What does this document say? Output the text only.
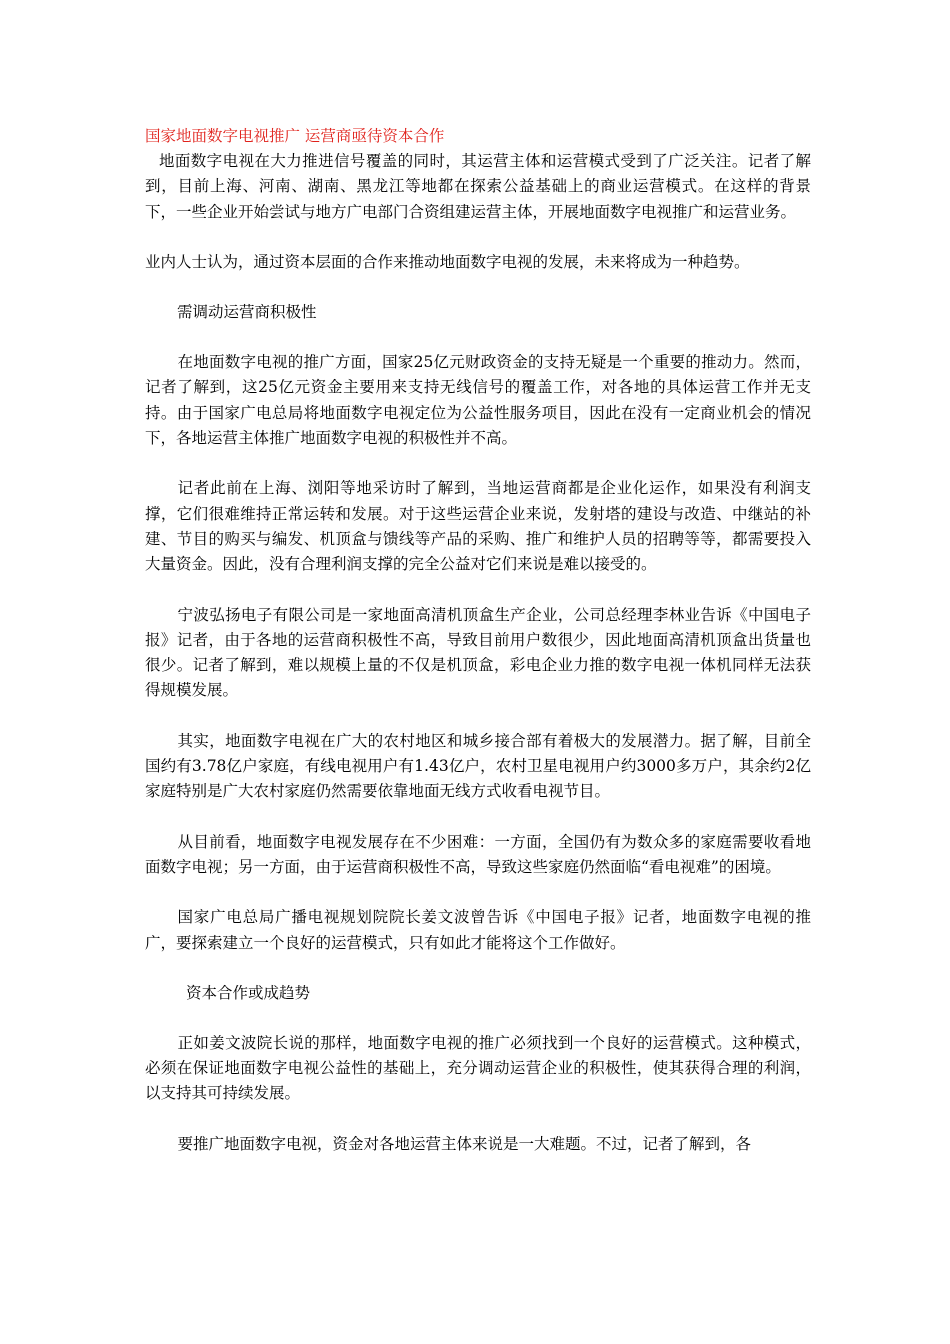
国家地面数字电视推广 运营商亟待资本合作

地面数字电视在大力推进信号覆盖的同时，其运营主体和运营模式受到了广泛关注。记者了解到，目前上海、河南、湖南、黑龙江等地都在探索公益基础上的商业运营模式。在这样的背景下，一些企业开始尝试与地方广电部门合资组建运营主体，开展地面数字电视推广和运营业务。

业内人士认为，通过资本层面的合作来推动地面数字电视的发展，未来将成为一种趋势。

需调动运营商积极性

在地面数字电视的推广方面，国家25亿元财政资金的支持无疑是一个重要的推动力。然而，记者了解到，这25亿元资金主要用来支持无线信号的覆盖工作，对各地的具体运营工作并无支持。由于国家广电总局将地面数字电视定位为公益性服务项目，因此在没有一定商业机会的情况下，各地运营主体推广地面数字电视的积极性并不高。

记者此前在上海、浏阳等地采访时了解到，当地运营商都是企业化运作，如果没有利润支撑，它们很难维持正常运转和发展。对于这些运营企业来说，发射塔的建设与改造、中继站的补建、节目的购买与编发、机顶盒与馈线等产品的采购、推广和维护人员的招聘等等，都需要投入大量资金。因此，没有合理利润支撑的完全公益对它们来说是难以接受的。

宁波弘扬电子有限公司是一家地面高清机顶盒生产企业，公司总经理李林业告诉《中国电子报》记者，由于各地的运营商积极性不高，导致目前用户数很少，因此地面高清机顶盒出货量也很少。记者了解到，难以规模上量的不仅是机顶盒，彩电企业力推的数字电视一体机同样无法获得规模发展。

其实，地面数字电视在广大的农村地区和城乡接合部有着极大的发展潜力。据了解，目前全国约有3.78亿户家庭，有线电视用户有1.43亿户，农村卫星电视用户约3000多万户，其余约2亿家庭特别是广大农村家庭仍然需要依靠地面无线方式收看电视节目。

从目前看，地面数字电视发展存在不少困难：一方面，全国仍有为数众多的家庭需要收看地面数字电视；另一方面，由于运营商积极性不高，导致这些家庭仍然面临“看电视难”的困境。

国家广电总局广播电视规划院院长姜文波曾告诉《中国电子报》记者，地面数字电视的推广，要探索建立一个良好的运营模式，只有如此才能将这个工作做好。

资本合作或成趋势

正如姜文波院长说的那样，地面数字电视的推广必须找到一个良好的运营模式。这种模式，必须在保证地面数字电视公益性的基础上，充分调动运营企业的积极性，使其获得合理的利润，以支持其可持续发展。

要推广地面数字电视，资金对各地运营主体来说是一大难题。不过，记者了解到，各
